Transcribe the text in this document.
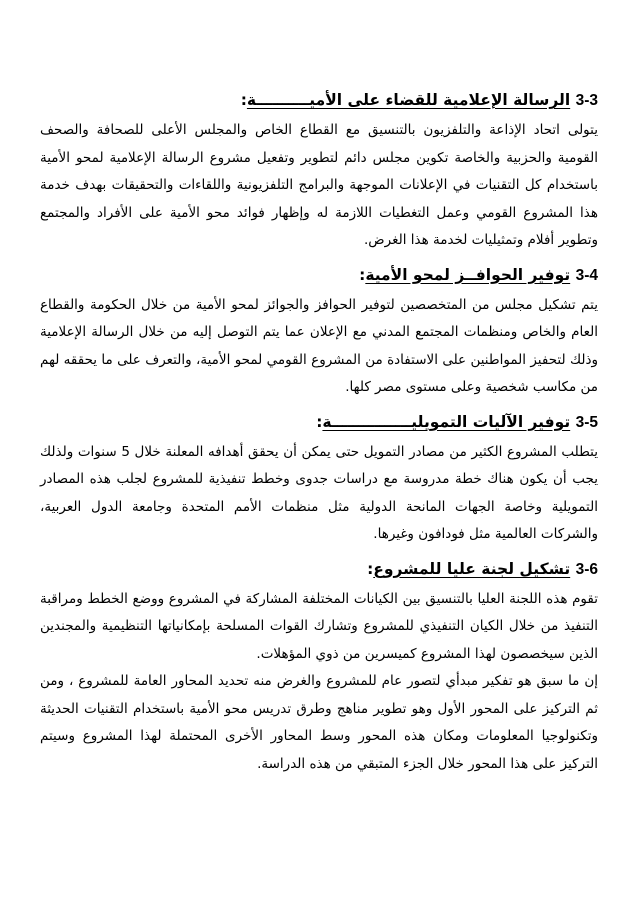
3-3 الرسالة الإعلامية للقضاء على الأميــــــــــة:

يتولى اتحاد الإذاعة والتلفزيون بالتنسيق مع القطاع الخاص والمجلس الأعلى للصحافة والصحف القومية والحزبية والخاصة تكوين مجلس دائم لتطوير وتفعيل مشروع الرسالة الإعلامية لمحو الأمية باستخدام كل التقنيات في الإعلانات الموجهة والبرامج التلفزيونية واللقاءات والتحقيقات بهدف خدمة هذا المشروع القومي وعمل التغطيات اللازمة له وإظهار فوائد محو الأمية على الأفراد والمجتمع وتطوير أفلام وتمثيليات لخدمة هذا الغرض.

3-4 توفير الحوافــز لمحو الأمية:

يتم تشكيل مجلس من المتخصصين لتوفير الحوافز والجوائز لمحو الأمية من خلال الحكومة والقطاع العام والخاص ومنظمات المجتمع المدني مع الإعلان عما يتم التوصل إليه من خلال الرسالة الإعلامية وذلك لتحفيز المواطنين على الاستفادة من المشروع القومي لمحو الأمية، والتعرف على ما يحققه لهم من مكاسب شخصية وعلى مستوى مصر كلها.

3-5 توفير الآليات التمويليـــــــــــــــة:

يتطلب المشروع الكثير من مصادر التمويل حتى يمكن أن يحقق أهدافه المعلنة خلال 5 سنوات ولذلك يجب أن يكون هناك خطة مدروسة مع دراسات جدوى وخطط تنفيذية للمشروع لجلب هذه المصادر التمويلية وخاصة الجهات المانحة الدولية مثل منظمات الأمم المتحدة وجامعة الدول العربية، والشركات العالمية مثل فودافون وغيرها.

3-6 تشكيل لجنة عليا للمشروع:

تقوم هذه اللجنة العليا بالتنسيق بين الكيانات المختلفة المشاركة في المشروع ووضع الخطط ومراقبة التنفيذ من خلال الكيان التنفيذي للمشروع وتشارك القوات المسلحة بإمكانياتها التنظيمية والمجندين الذين سيخصصون لهذا المشروع كميسرين من ذوي المؤهلات.

إن ما سبق هو تفكير مبدأي لتصور عام للمشروع والغرض منه تحديد المحاور العامة للمشروع ، ومن ثم التركيز على المحور الأول وهو تطوير مناهج وطرق تدريس محو الأمية باستخدام التقنيات الحديثة وتكنولوجيا المعلومات ومكان هذه المحور وسط المحاور الأخرى المحتملة لهذا المشروع وسيتم التركيز على هذا المحور خلال الجزء المتبقي من هذه الدراسة.
